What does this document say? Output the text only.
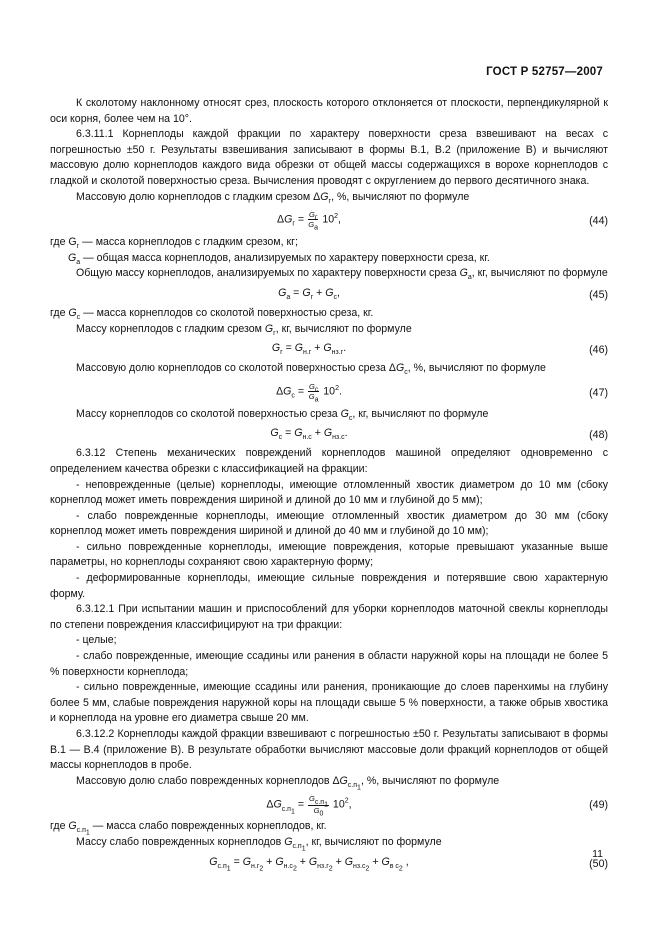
ГОСТ Р 52757—2007

К сколотому наклонному относят срез, плоскость которого отклоняется от плоскости, перпендикулярной к оси корня, более чем на 10°.

6.3.11.1 Корнеплоды каждой фракции по характеру поверхности среза взвешивают на весах с погрешностью ±50 г. Результаты взвешивания записывают в формы В.1, В.2 (приложение В) и вычисляют массовую долю корнеплодов каждого вида обрезки от общей массы содержащихся в ворохе корнеплодов с гладкой и сколотой поверхностью среза. Вычисления проводят с округлением до первого десятичного знака.

Массовую долю корнеплодов с гладким срезом $\Delta G_г$, %, вычисляют по формуле

$\Delta G_г = G_г$
$G_а$
$10^2$,	(44)

где $G_г$ — масса корнеплодов с гладким срезом, кг;

$G_а$ — общая масса корнеплодов, анализируемых по характеру поверхности среза, кг.

Общую массу корнеплодов, анализируемых по характеру поверхности среза $G_а$, кг, вычисляют по формуле

$G_а = G_г + G_с$,	(45)

где $G_с$ — масса корнеплодов со сколотой поверхностью среза, кг.

Массу корнеплодов с гладким срезом $G_г$, кг, вычисляют по формуле

$G_г = G_{н.г} + G_{нз.г}$.	(46)

Массовую долю корнеплодов со сколотой поверхностью среза $\Delta G_с$, %, вычисляют по формуле

$\Delta G_с = G_с$
$G_а$
$10^2$.	(47)

Массу корнеплодов со сколотой поверхностью среза $G_с$, кг, вычисляют по формуле

$G_с = G_{н.с} + G_{нз.с}$.	(48)

6.3.12 Степень механических повреждений корнеплодов машиной определяют одновременно с определением качества обрезки с классификацией на фракции:

- неповрежденные (целые) корнеплоды, имеющие отломленный хвостик диаметром до 10 мм (сбоку корнеплод может иметь повреждения шириной и длиной до 10 мм и глубиной до 5 мм);

- слабо поврежденные корнеплоды, имеющие отломленный хвостик диаметром до 30 мм (сбоку корнеплод может иметь повреждения шириной и длиной до 40 мм и глубиной до 10 мм);

- сильно поврежденные корнеплоды, имеющие повреждения, которые превышают указанные выше параметры, но корнеплоды сохраняют свою характерную форму;

- деформированные корнеплоды, имеющие сильные повреждения и потерявшие свою характерную форму.

6.3.12.1 При испытании машин и приспособлений для уборки корнеплодов маточной свеклы корнеплоды по степени повреждения классифицируют на три фракции:

- целые;

- слабо поврежденные, имеющие ссадины или ранения в области наружной коры на площади не более 5 % поверхности корнеплода;

- сильно поврежденные, имеющие ссадины или ранения, проникающие до слоев паренхимы на глубину более 5 мм, слабые повреждения наружной коры на площади свыше 5 % поверхности, а также обрыв хвостика и корнеплода на уровне его диаметра свыше 20 мм.

6.3.12.2 Корнеплоды каждой фракции взвешивают с погрешностью ±50 г. Результаты записывают в формы В.1 — В.4 (приложение В). В результате обработки вычисляют массовые доли фракций корнеплодов от общей массы корнеплодов в пробе.

Массовую долю слабо поврежденных корнеплодов $\Delta G_{с.п_1}$, %, вычисляют по формуле

$\Delta G_{с.п_1} = G_{с.п_1}$
$G_0$
$10^2$,	(49)

где $G_{с.п_1}$ — масса слабо поврежденных корнеплодов, кг.

Массу слабо поврежденных корнеплодов $G_{с.п_1}$, кг, вычисляют по формуле

$G_{с.п_1} = G_{н.г_2} + G_{н.с_2} + G_{нз.г_2} + G_{нз.с_2} + G_{в с_2}$ ,	(50)
11
